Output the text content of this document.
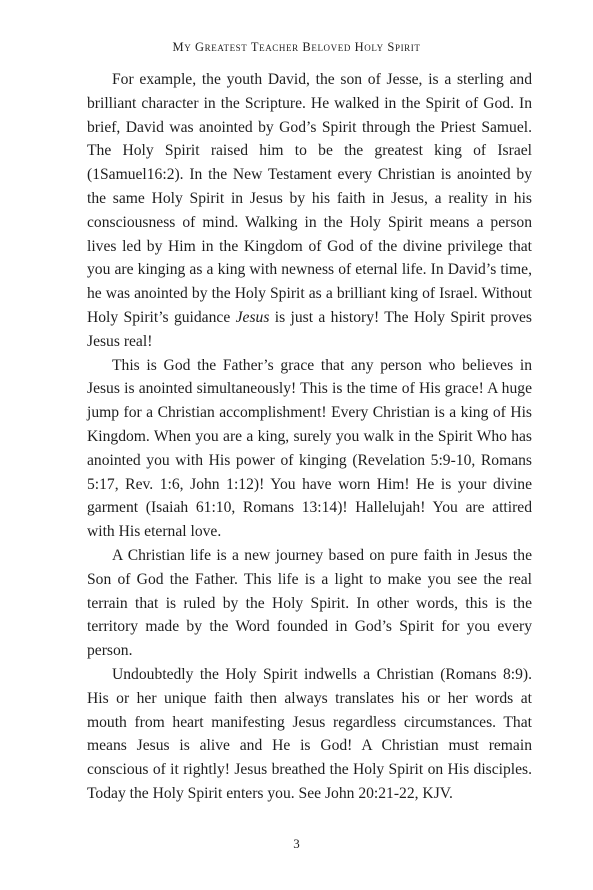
My Greatest Teacher Beloved Holy Spirit

For example, the youth David, the son of Jesse, is a sterling and brilliant character in the Scripture. He walked in the Spirit of God. In brief, David was anointed by God’s Spirit through the Priest Samuel. The Holy Spirit raised him to be the greatest king of Israel (1Samuel16:2). In the New Testament every Christian is anointed by the same Holy Spirit in Jesus by his faith in Jesus, a reality in his consciousness of mind. Walking in the Holy Spirit means a person lives led by Him in the Kingdom of God of the divine privilege that you are kinging as a king with newness of eternal life. In David’s time, he was anointed by the Holy Spirit as a brilliant king of Israel. Without Holy Spirit’s guidance Jesus is just a history! The Holy Spirit proves Jesus real!

This is God the Father’s grace that any person who believes in Jesus is anointed simultaneously! This is the time of His grace! A huge jump for a Christian accomplishment! Every Christian is a king of His Kingdom. When you are a king, surely you walk in the Spirit Who has anointed you with His power of kinging (Revelation 5:9-10, Romans 5:17, Rev. 1:6, John 1:12)! You have worn Him! He is your divine garment (Isaiah 61:10, Romans 13:14)! Hallelujah! You are attired with His eternal love.

A Christian life is a new journey based on pure faith in Jesus the Son of God the Father. This life is a light to make you see the real terrain that is ruled by the Holy Spirit. In other words, this is the territory made by the Word founded in God’s Spirit for you every person.

Undoubtedly the Holy Spirit indwells a Christian (Romans 8:9). His or her unique faith then always translates his or her words at mouth from heart manifesting Jesus regardless circumstances. That means Jesus is alive and He is God! A Christian must remain conscious of it rightly! Jesus breathed the Holy Spirit on His disciples. Today the Holy Spirit enters you. See John 20:21-22, KJV.

3
